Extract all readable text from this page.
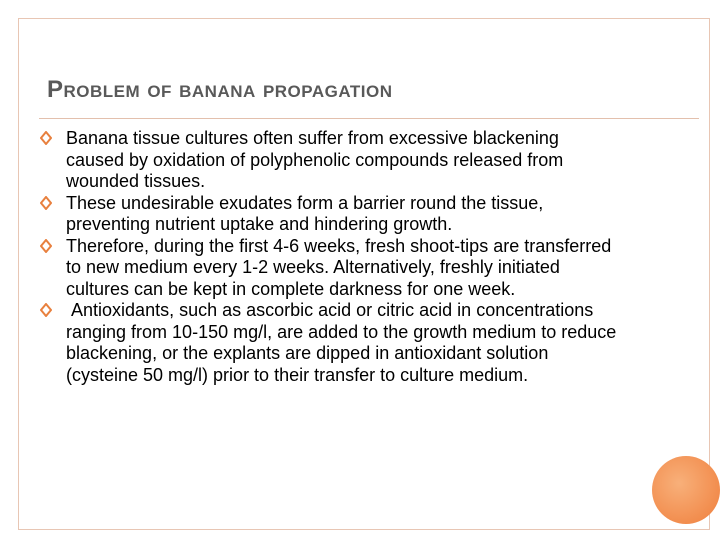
Problem of banana propagation
Banana tissue cultures often suffer from excessive blackening caused by oxidation of polyphenolic compounds released from wounded tissues.
These undesirable exudates form a barrier round the tissue, preventing nutrient uptake and hindering growth.
Therefore, during the first 4-6 weeks, fresh shoot-tips are transferred to new medium every 1-2 weeks. Alternatively, freshly initiated cultures can be kept in complete darkness for one week.
Antioxidants, such as ascorbic acid or citric acid in concentrations ranging from 10-150 mg/l, are added to the growth medium to reduce blackening, or the explants are dipped in antioxidant solution (cysteine 50 mg/l) prior to their transfer to culture medium.
